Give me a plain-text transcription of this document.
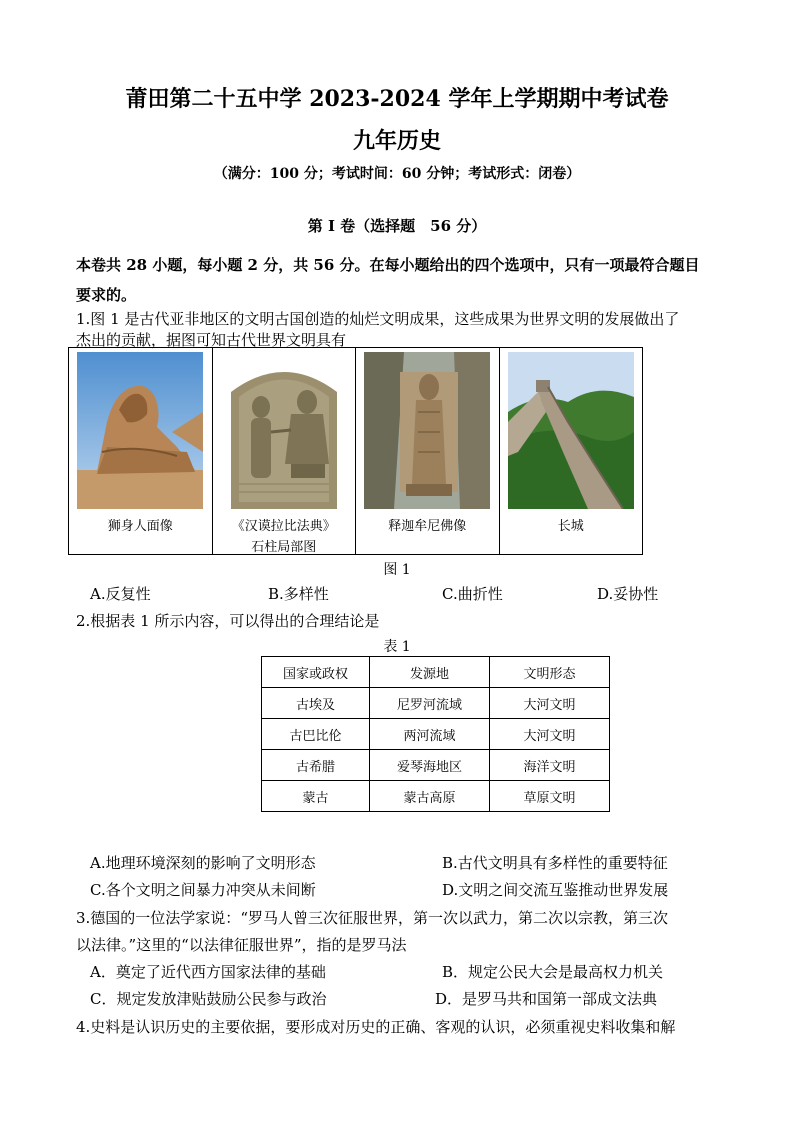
莆田第二十五中学 2023-2024 学年上学期期中考试卷
九年历史
（满分：100 分；考试时间：60 分钟；考试形式：闭卷）
第 I 卷（选择题　56 分）
本卷共 28 小题，每小题 2 分，共 56 分。在每小题给出的四个选项中，只有一项最符合题目
要求的。
1.图 1 是古代亚非地区的文明古国创造的灿烂文明成果，这些成果为世界文明的发展做出了
杰出的贡献，据图可知古代世界文明具有
狮身人面像	《汉谟拉比法典》
石柱局部图
释迦牟尼佛像	长城
图 1
A.反复性	B.多样性	C.曲折性	D.妥协性
2.根据表 1 所示内容，可以得出的合理结论是
表 1
国家或政权	发源地	文明形态
古埃及	尼罗河流域	大河文明
古巴比伦	两河流域	大河文明
古希腊	爱琴海地区	海洋文明
蒙古	蒙古高原	草原文明
A.地理环境深刻的影响了文明形态	B.古代文明具有多样性的重要特征
C.各个文明之间暴力冲突从未间断	D.文明之间交流互鉴推动世界发展
3.德国的一位法学家说：“罗马人曾三次征服世界，第一次以武力，第二次以宗教，第三次
以法律。”这里的“以法律征服世界”，指的是罗马法
A．奠定了近代西方国家法律的基础	B．规定公民大会是最高权力机关
C．规定发放津贴鼓励公民参与政治	D．是罗马共和国第一部成文法典
4.史料是认识历史的主要依据，要形成对历史的正确、客观的认识，必须重视史料收集和解
